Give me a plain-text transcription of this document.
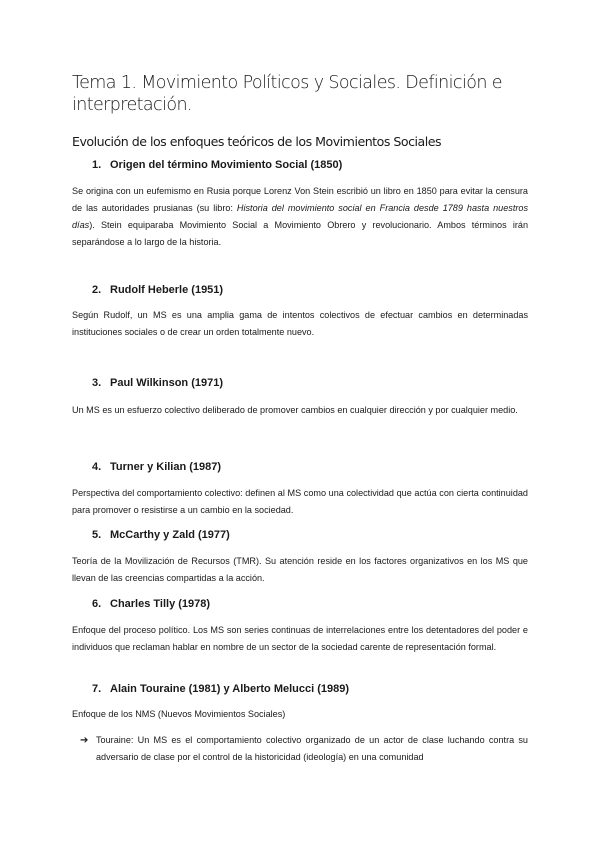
Tema 1. Movimiento Políticos y Sociales. Definición e interpretación.
Evolución de los enfoques teóricos de los Movimientos Sociales
1. Origen del término Movimiento Social (1850)
Se origina con un eufemismo en Rusia porque Lorenz Von Stein escribió un libro en 1850 para evitar la censura de las autoridades prusianas (su libro: Historia del movimiento social en Francia desde 1789 hasta nuestros días). Stein equiparaba Movimiento Social a Movimiento Obrero y revolucionario. Ambos términos irán separándose a lo largo de la historia.
2. Rudolf Heberle (1951)
Según Rudolf, un MS es una amplia gama de intentos colectivos de efectuar cambios en determinadas instituciones sociales o de crear un orden totalmente nuevo.
3. Paul Wilkinson (1971)
Un MS es un esfuerzo colectivo deliberado de promover cambios en cualquier dirección y por cualquier medio.
4. Turner y Kilian (1987)
Perspectiva del comportamiento colectivo: definen al MS como una colectividad que actúa con cierta continuidad para promover o resistirse a un cambio en la sociedad.
5. McCarthy y Zald (1977)
Teoría de la Movilización de Recursos (TMR). Su atención reside en los factores organizativos en los MS que llevan de las creencias compartidas a la acción.
6. Charles Tilly (1978)
Enfoque del proceso político. Los MS son series continuas de interrelaciones entre los detentadores del poder e individuos que reclaman hablar en nombre de un sector de la sociedad carente de representación formal.
7. Alain Touraine (1981) y Alberto Melucci (1989)
Enfoque de los NMS (Nuevos Movimientos Sociales)
➔ Touraine: Un MS es el comportamiento colectivo organizado de un actor de clase luchando contra su adversario de clase por el control de la historicidad (ideología) en una comunidad
